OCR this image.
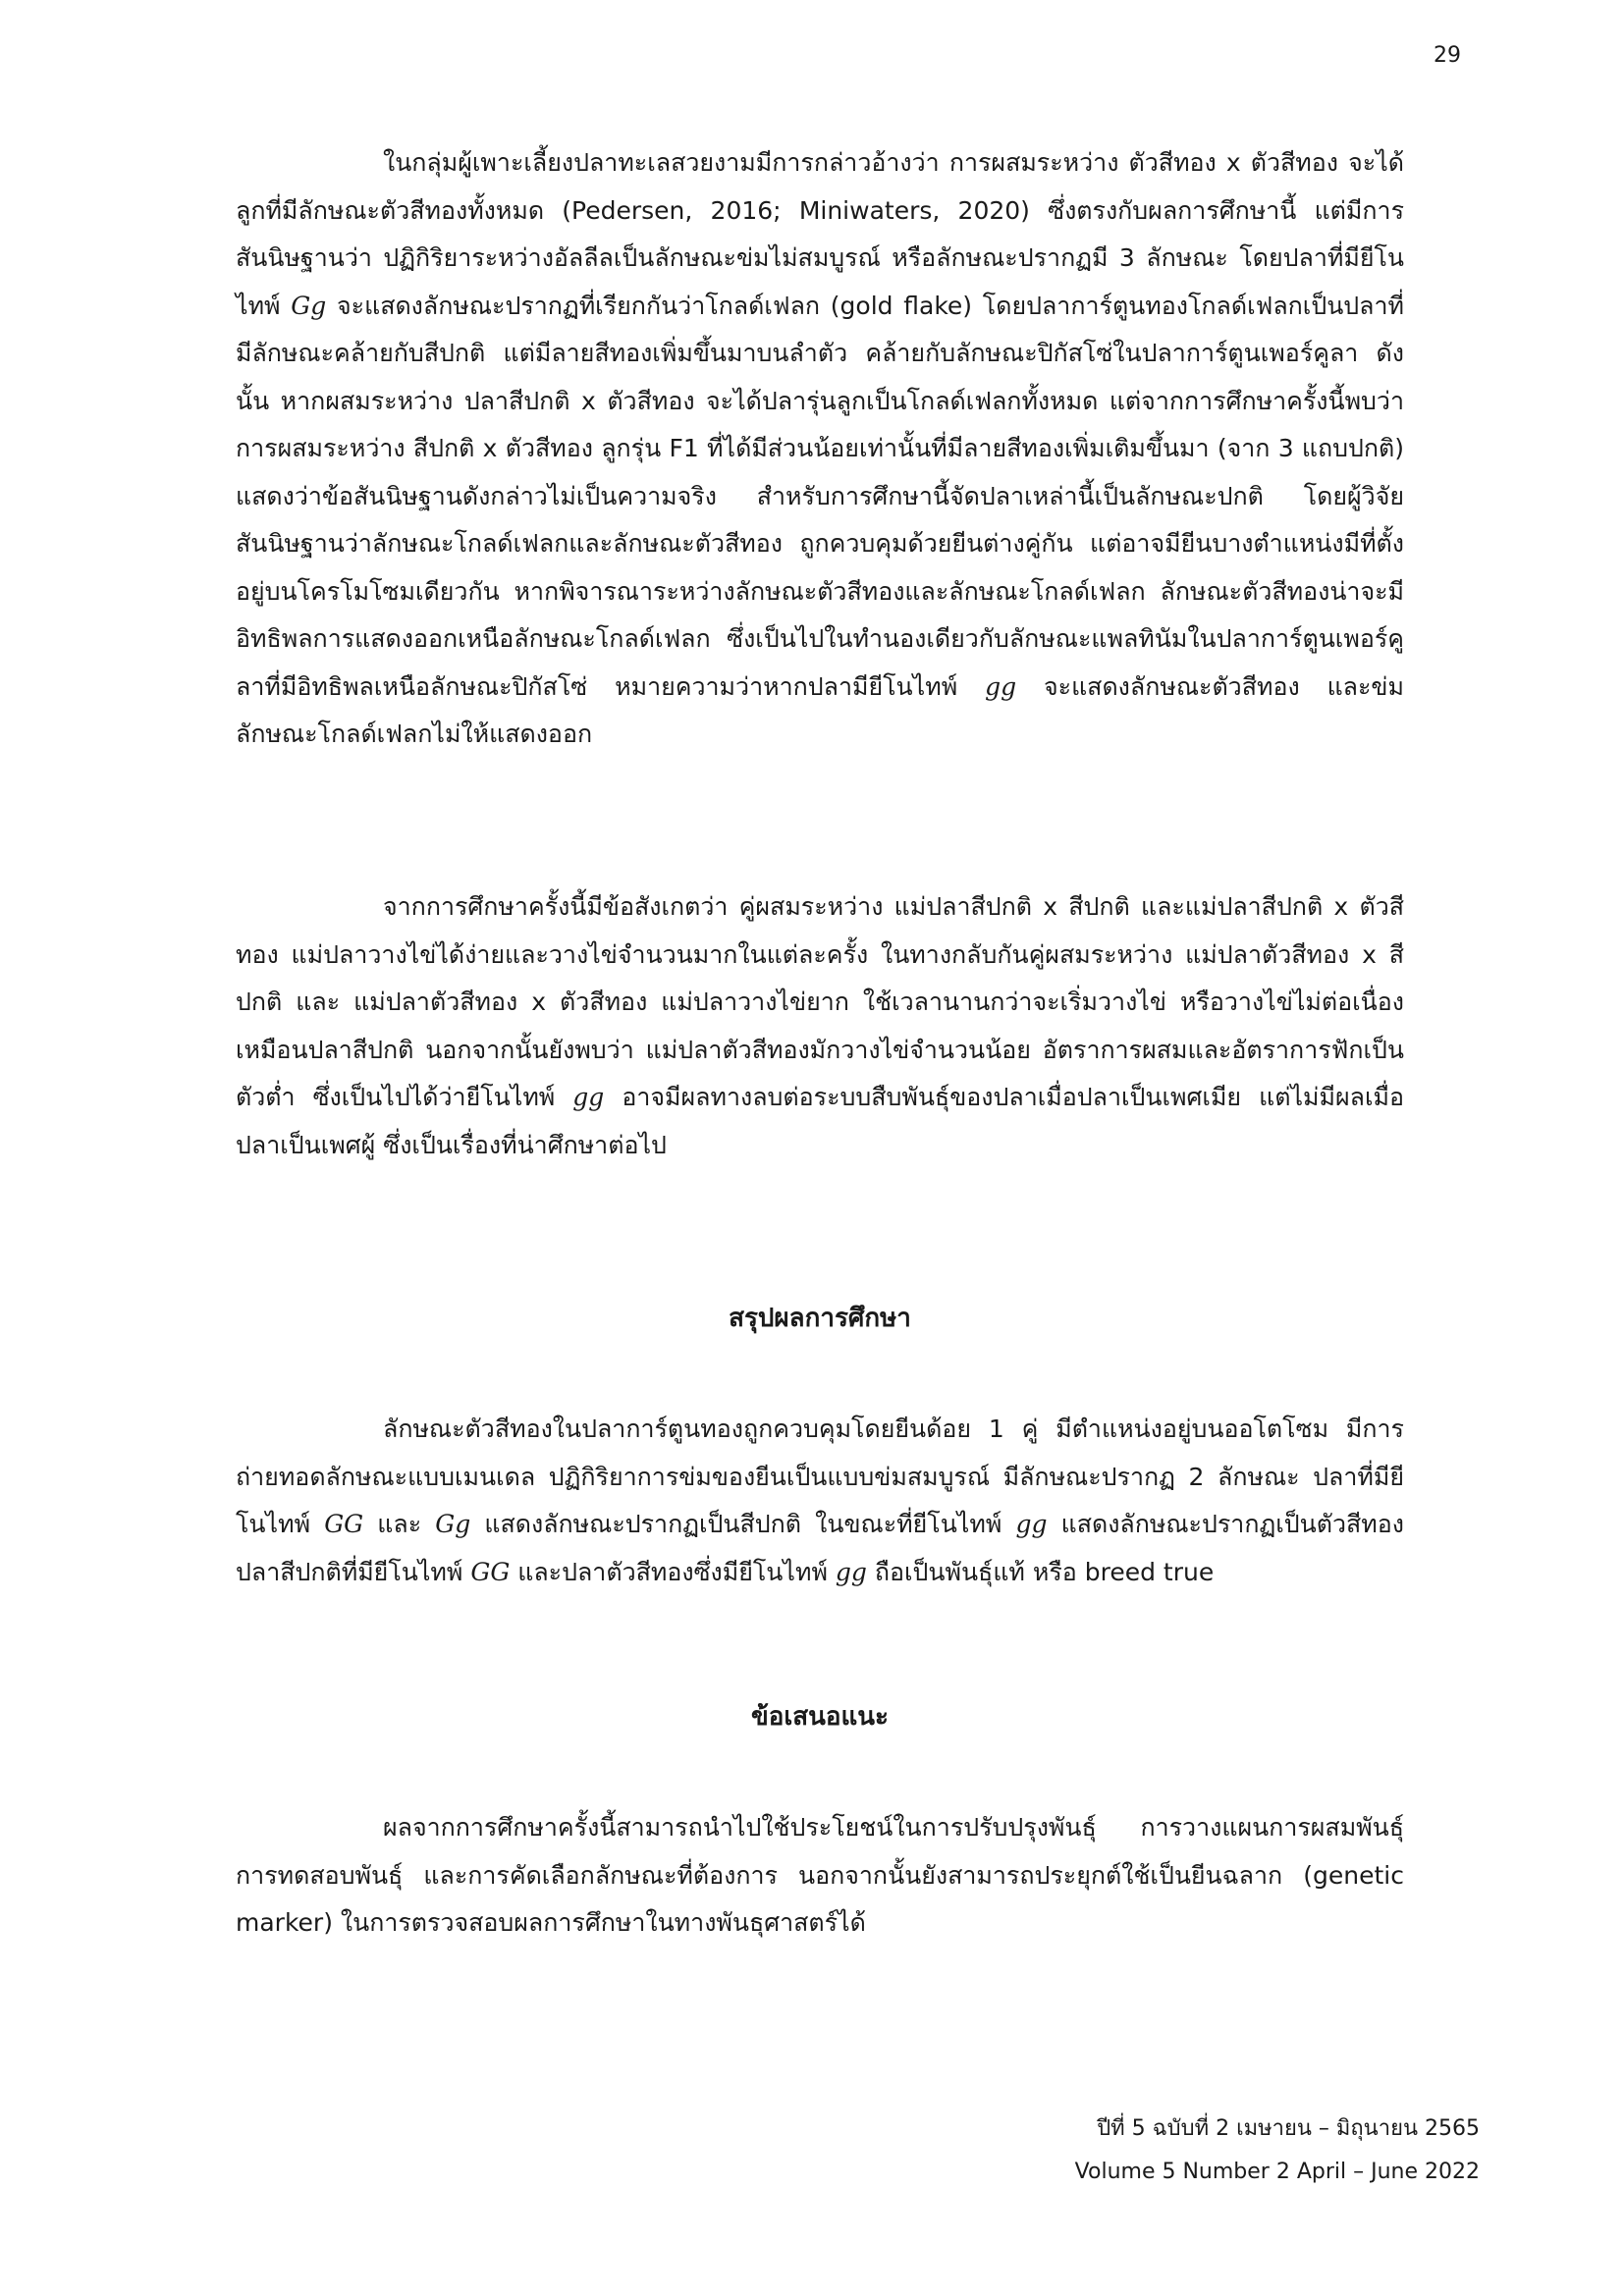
29

ในกลุ่มผู้เพาะเลี้ยงปลาทะเลสวยงามมีการกล่าวอ้างว่า การผสมระหว่าง ตัวสีทอง x ตัวสีทอง จะได้ลูกที่มีลักษณะตัวสีทองทั้งหมด (Pedersen, 2016; Miniwaters, 2020) ซึ่งตรงกับผลการศึกษานี้ แต่มีการสันนิษฐานว่า ปฏิกิริยาระหว่างอัลลีลเป็นลักษณะข่มไม่สมบูรณ์ หรือลักษณะปรากฏมี 3 ลักษณะ โดยปลาที่มียีโนไทพ์ Gg จะแสดงลักษณะปรากฏที่เรียกกันว่าโกลด์เฟลก (gold flake) โดยปลาการ์ตูนทองโกลด์เฟลกเป็นปลาที่มีลักษณะคล้ายกับสีปกติ แต่มีลายสีทองเพิ่มขึ้นมาบนลำตัว คล้ายกับลักษณะปิกัสโซ่ในปลาการ์ตูนเพอร์คูลา ดังนั้น หากผสมระหว่าง ปลาสีปกติ x ตัวสีทอง จะได้ปลารุ่นลูกเป็นโกลด์เฟลกทั้งหมด แต่จากการศึกษาครั้งนี้พบว่า การผสมระหว่าง สีปกติ x ตัวสีทอง ลูกรุ่น F1 ที่ได้มีส่วนน้อยเท่านั้นที่มีลายสีทองเพิ่มเติมขึ้นมา (จาก 3 แถบปกติ) แสดงว่าข้อสันนิษฐานดังกล่าวไม่เป็นความจริง สำหรับการศึกษานี้จัดปลาเหล่านี้เป็นลักษณะปกติ โดยผู้วิจัยสันนิษฐานว่าลักษณะโกลด์เฟลกและลักษณะตัวสีทอง ถูกควบคุมด้วยยีนต่างคู่กัน แต่อาจมียีนบางตำแหน่งมีที่ตั้งอยู่บนโครโมโซมเดียวกัน หากพิจารณาระหว่างลักษณะตัวสีทองและลักษณะโกลด์เฟลก ลักษณะตัวสีทองน่าจะมีอิทธิพลการแสดงออกเหนือลักษณะโกลด์เฟลก ซึ่งเป็นไปในทำนองเดียวกับลักษณะแพลทินัมในปลาการ์ตูนเพอร์คูลาที่มีอิทธิพลเหนือลักษณะปิกัสโซ่ หมายความว่าหากปลามียีโนไทพ์ gg จะแสดงลักษณะตัวสีทอง และข่มลักษณะโกลด์เฟลกไม่ให้แสดงออก

จากการศึกษาครั้งนี้มีข้อสังเกตว่า คู่ผสมระหว่าง แม่ปลาสีปกติ x สีปกติ และแม่ปลาสีปกติ x ตัวสีทอง แม่ปลาวางไข่ได้ง่ายและวางไข่จำนวนมากในแต่ละครั้ง ในทางกลับกันคู่ผสมระหว่าง แม่ปลาตัวสีทอง x สีปกติ และ แม่ปลาตัวสีทอง x ตัวสีทอง แม่ปลาวางไข่ยาก ใช้เวลานานกว่าจะเริ่มวางไข่ หรือวางไข่ไม่ต่อเนื่องเหมือนปลาสีปกติ นอกจากนั้นยังพบว่า แม่ปลาตัวสีทองมักวางไข่จำนวนน้อย อัตราการผสมและอัตราการฟักเป็นตัวต่ำ ซึ่งเป็นไปได้ว่ายีโนไทพ์ gg อาจมีผลทางลบต่อระบบสืบพันธุ์ของปลาเมื่อปลาเป็นเพศเมีย แต่ไม่มีผลเมื่อปลาเป็นเพศผู้ ซึ่งเป็นเรื่องที่น่าศึกษาต่อไป

สรุปผลการศึกษา

ลักษณะตัวสีทองในปลาการ์ตูนทองถูกควบคุมโดยยีนด้อย 1 คู่ มีตำแหน่งอยู่บนออโตโซม มีการถ่ายทอดลักษณะแบบเมนเดล ปฏิกิริยาการข่มของยีนเป็นแบบข่มสมบูรณ์ มีลักษณะปรากฏ 2 ลักษณะ ปลาที่มียีโนไทพ์ GG และ Gg แสดงลักษณะปรากฏเป็นสีปกติ ในขณะที่ยีโนไทพ์ gg แสดงลักษณะปรากฏเป็นตัวสีทอง ปลาสีปกติที่มียีโนไทพ์ GG และปลาตัวสีทองซึ่งมียีโนไทพ์ gg ถือเป็นพันธุ์แท้ หรือ breed true

ข้อเสนอแนะ

ผลจากการศึกษาครั้งนี้สามารถนำไปใช้ประโยชน์ในการปรับปรุงพันธุ์ การวางแผนการผสมพันธุ์ การทดสอบพันธุ์ และการคัดเลือกลักษณะที่ต้องการ นอกจากนั้นยังสามารถประยุกต์ใช้เป็นยีนฉลาก (genetic marker) ในการตรวจสอบผลการศึกษาในทางพันธุศาสตร์ได้

ปีที่ 5 ฉบับที่ 2 เมษายน – มิถุนายน 2565
Volume 5 Number 2 April – June 2022
